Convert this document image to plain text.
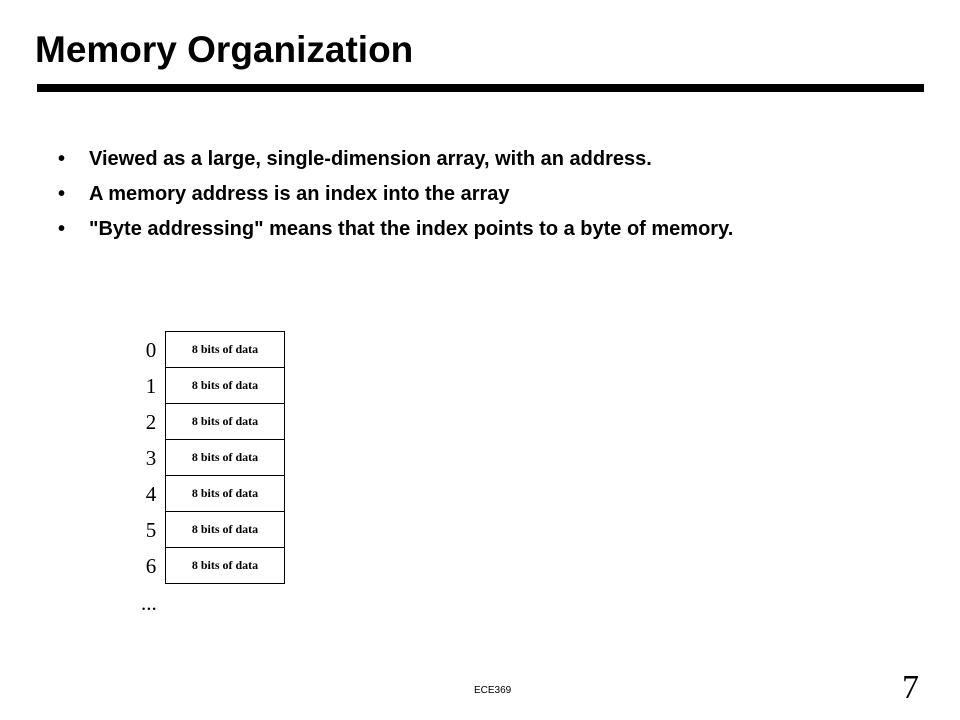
Memory Organization
• Viewed as a large, single-dimension array, with an address.
• A memory address is an index into the array
• "Byte addressing" means that the index points to a byte of memory.
0
1
2
3
4
5
6
...
8 bits of data
8 bits of data
8 bits of data
8 bits of data
8 bits of data
8 bits of data
8 bits of data
ECE369	7
